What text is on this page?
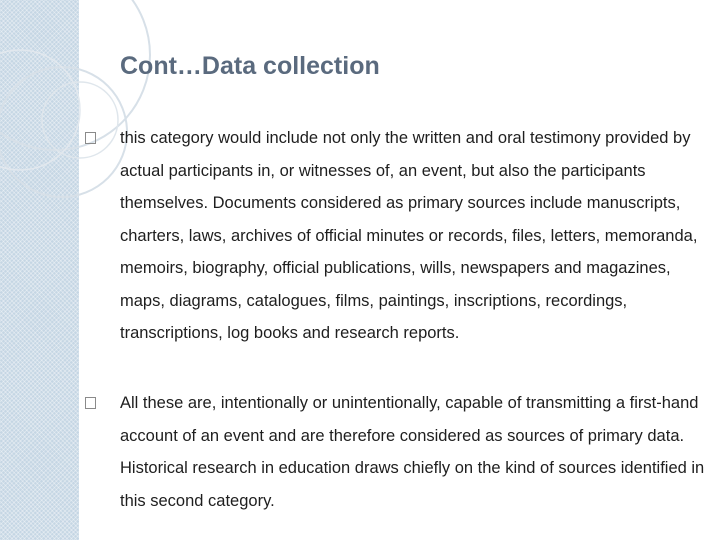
Cont…Data collection
this category would include not only the written and oral testimony provided by actual participants in, or witnesses of, an event, but also the participants themselves. Documents considered as primary sources include manuscripts, charters, laws, archives of official minutes or records, files, letters, memoranda, memoirs, biography, official publications, wills, newspapers and magazines, maps, diagrams, catalogues, films, paintings, inscriptions, recordings, transcriptions, log books and research reports.
All these are, intentionally or unintentionally, capable of transmitting a first-hand account of an event and are therefore considered as sources of primary data. Historical research in education draws chiefly on the kind of sources identified in this second category.
